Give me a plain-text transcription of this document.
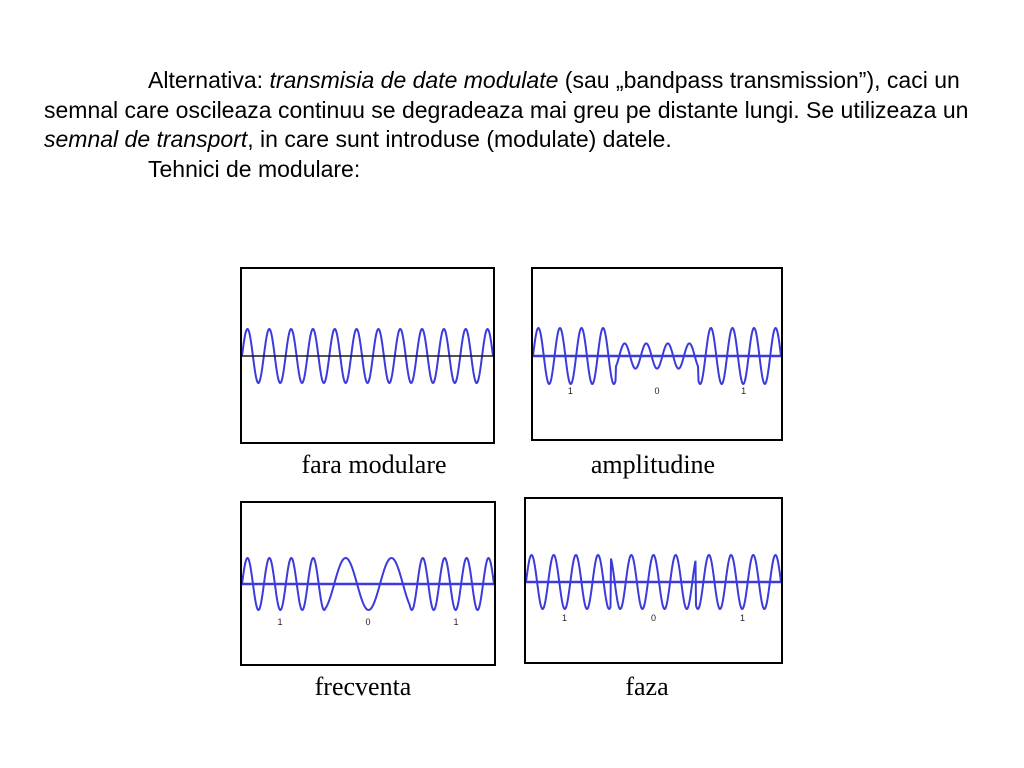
Alternativa: transmisia de date modulate (sau „bandpass transmission”), caci un semnal care oscileaza continuu se degradeaza mai greu pe distante lungi. Se utilizeaza un semnal de transport, in care sunt introduse (modulate) datele.

Tehnici de modulare:

fara modulare
1	0	1
amplitudine
1	0	1
frecventa
1	0	1
faza
